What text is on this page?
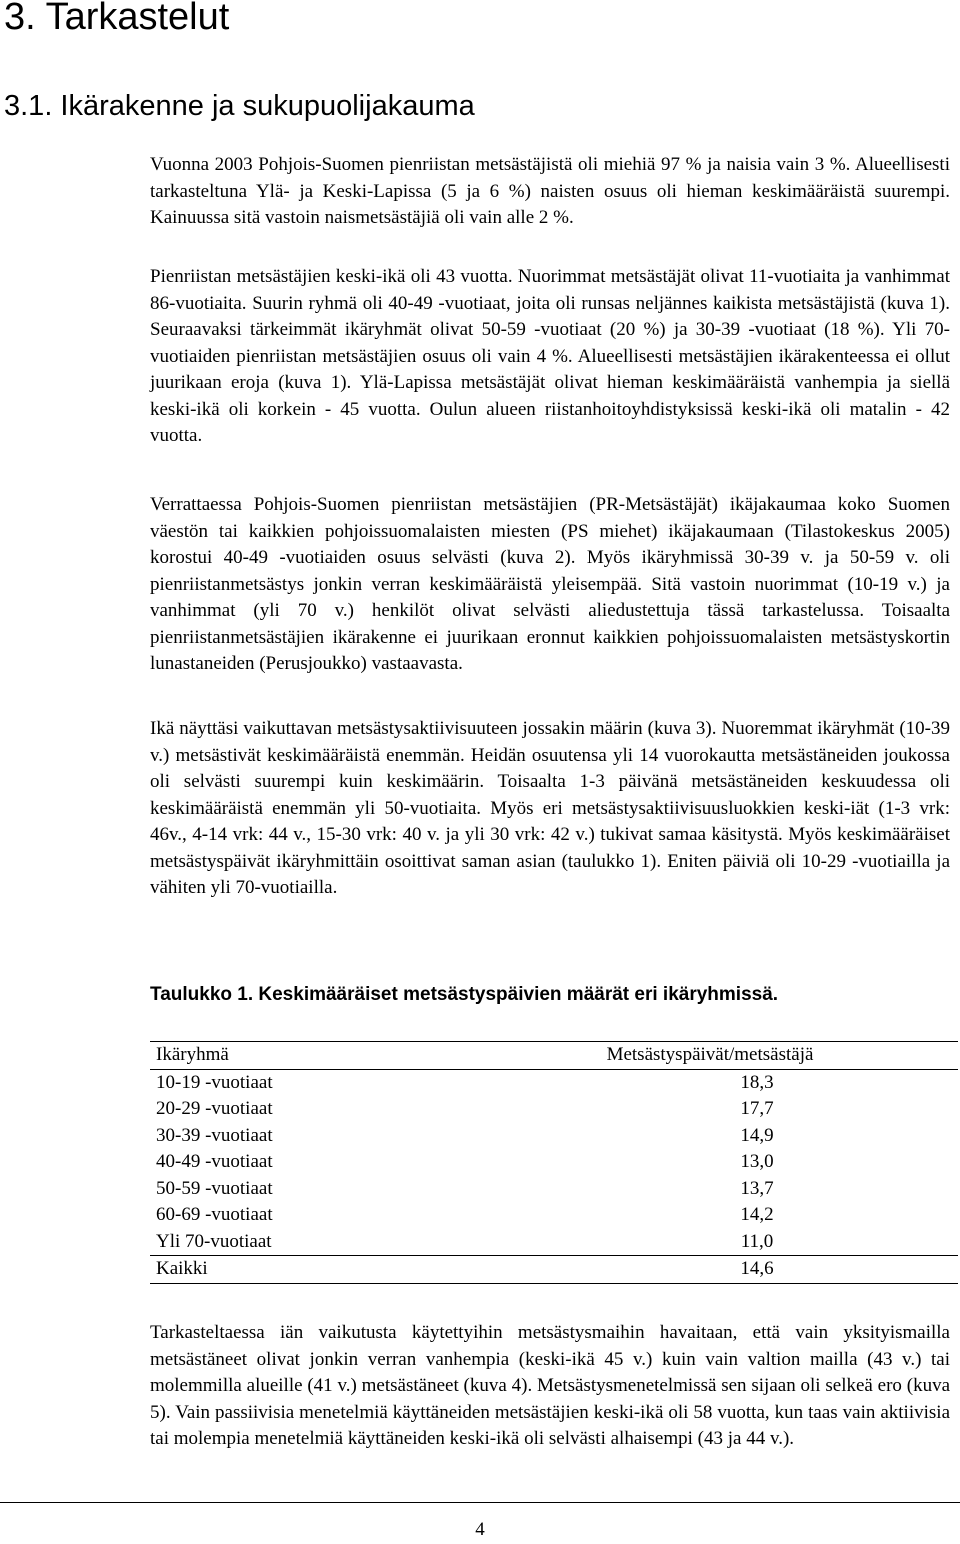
3. Tarkastelut
3.1. Ikärakenne ja sukupuolijakauma

Vuonna 2003 Pohjois-Suomen pienriistan metsästäjistä oli miehiä 97 % ja naisia vain 3 %. Alueellisesti tarkasteltuna Ylä- ja Keski-Lapissa (5 ja 6 %) naisten osuus oli hieman keskimääräistä suurempi. Kainuussa sitä vastoin naismetsästäjiä oli vain alle 2 %.

Pienriistan metsästäjien keski-ikä oli 43 vuotta. Nuorimmat metsästäjät olivat 11-vuotiaita ja vanhimmat 86-vuotiaita. Suurin ryhmä oli 40-49 -vuotiaat, joita oli runsas neljännes kaikista metsästäjistä (kuva 1). Seuraavaksi tärkeimmät ikäryhmät olivat 50-59 -vuotiaat (20 %) ja 30-39 -vuotiaat (18 %). Yli 70-vuotiaiden pienriistan metsästäjien osuus oli vain 4 %. Alueellisesti metsästäjien ikärakenteessa ei ollut juurikaan eroja (kuva 1). Ylä-Lapissa metsästäjät olivat hieman keskimääräistä vanhempia ja siellä keski-ikä oli korkein - 45 vuotta. Oulun alueen riistanhoitoyhdistyksissä keski-ikä oli matalin - 42 vuotta.

Verrattaessa Pohjois-Suomen pienriistan metsästäjien (PR-Metsästäjät) ikäjakaumaa koko Suomen väestön tai kaikkien pohjoissuomalaisten miesten (PS miehet) ikäjakaumaan (Tilastokeskus 2005) korostui 40-49 -vuotiaiden osuus selvästi (kuva 2). Myös ikäryhmissä 30-39 v. ja 50-59 v. oli pienriistanmetsästys jonkin verran keskimääräistä yleisempää. Sitä vastoin nuorimmat (10-19 v.) ja vanhimmat (yli 70 v.) henkilöt olivat selvästi aliedustettuja tässä tarkastelussa. Toisaalta pienriistanmetsästäjien ikärakenne ei juurikaan eronnut kaikkien pohjoissuomalaisten metsästyskortin lunastaneiden (Perusjoukko) vastaavasta.

Ikä näyttäsi vaikuttavan metsästysaktiivisuuteen jossakin määrin (kuva 3). Nuoremmat ikäryhmät (10-39 v.) metsästivät keskimääräistä enemmän. Heidän osuutensa yli 14 vuorokautta metsästäneiden joukossa oli selvästi suurempi kuin keskimäärin. Toisaalta 1-3 päivänä metsästäneiden keskuudessa oli keskimääräistä enemmän yli 50-vuotiaita. Myös eri metsästysaktiivisuusluokkien keski-iät (1-3 vrk: 46v., 4-14 vrk: 44 v., 15-30 vrk: 40 v. ja yli 30 vrk: 42 v.) tukivat samaa käsitystä. Myös keskimääräiset metsästyspäivät ikäryhmittäin osoittivat saman asian (taulukko 1). Eniten päiviä oli 10-29 -vuotiailla ja vähiten yli 70-vuotiailla.

Taulukko 1. Keskimääräiset metsästyspäivien määrät eri ikäryhmissä.

Ikäryhmä	Metsästyspäivät/metsästäjä
10-19 -vuotiaat	18,3
20-29 -vuotiaat	17,7
30-39 -vuotiaat	14,9
40-49 -vuotiaat	13,0
50-59 -vuotiaat	13,7
60-69 -vuotiaat	14,2
Yli 70-vuotiaat	11,0
Kaikki	14,6

Tarkasteltaessa iän vaikutusta käytettyihin metsästysmaihin havaitaan, että vain yksityismailla metsästäneet olivat jonkin verran vanhempia (keski-ikä 45 v.) kuin vain valtion mailla (43 v.) tai molemmilla alueille (41 v.) metsästäneet (kuva 4). Metsästysmenetelmissä sen sijaan oli selkeä ero (kuva 5). Vain passiivisia menetelmiä käyttäneiden metsästäjien keski-ikä oli 58 vuotta, kun taas vain aktiivisia tai molempia menetelmiä käyttäneiden keski-ikä oli selvästi alhaisempi (43 ja 44 v.).

4
